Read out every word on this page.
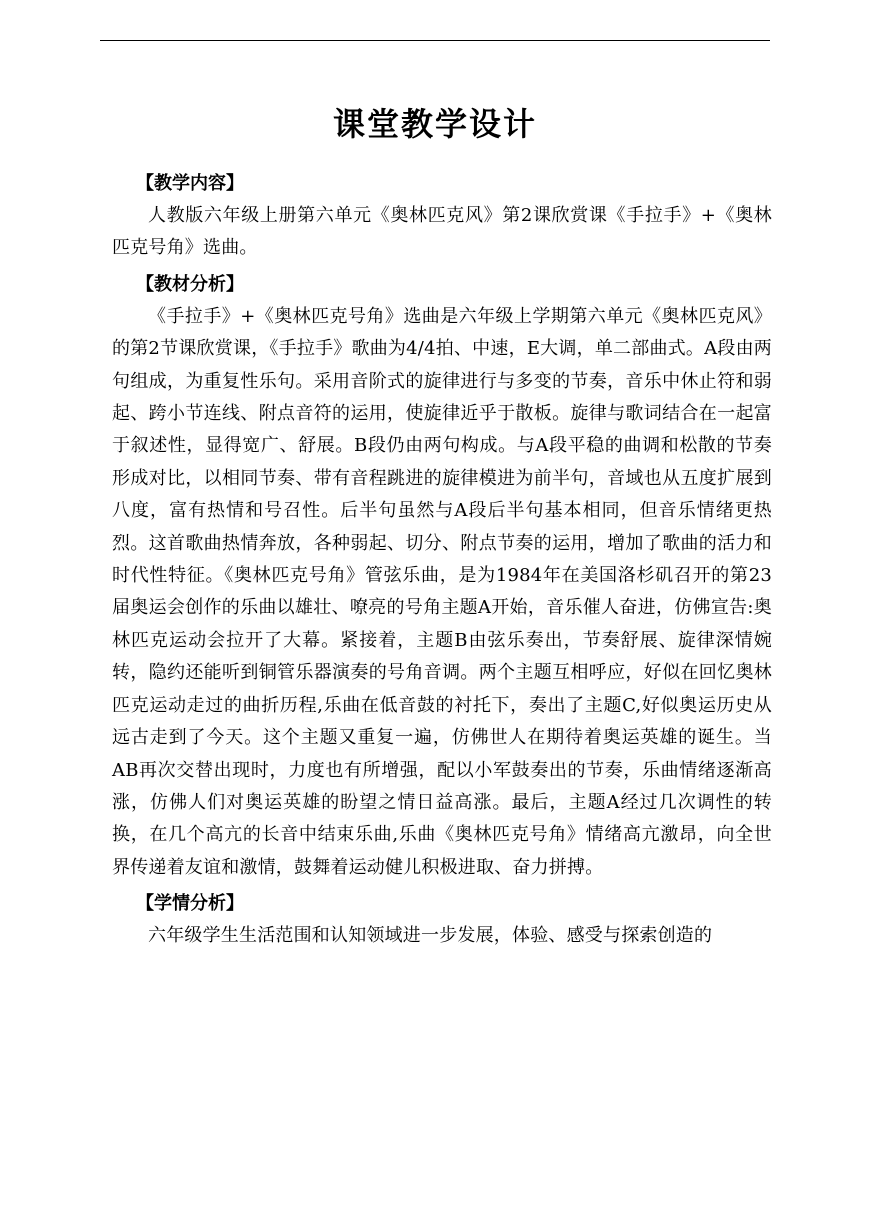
课堂教学设计
【教学内容】

人教版六年级上册第六单元《奥林匹克风》第2课欣赏课《手拉手》+《奥林匹克号角》选曲。

【教材分析】

《手拉手》+《奥林匹克号角》选曲是六年级上学期第六单元《奥林匹克风》的第2节课欣赏课，《手拉手》歌曲为4/4拍、中速，E大调，单二部曲式。A段由两句组成，为重复性乐句。采用音阶式的旋律进行与多变的节奏，音乐中休止符和弱起、跨小节连线、附点音符的运用，使旋律近乎于散板。旋律与歌词结合在一起富于叙述性，显得宽广、舒展。B段仍由两句构成。与A段平稳的曲调和松散的节奏形成对比，以相同节奏、带有音程跳进的旋律模进为前半句，音域也从五度扩展到八度，富有热情和号召性。后半句虽然与A段后半句基本相同，但音乐情绪更热烈。这首歌曲热情奔放，各种弱起、切分、附点节奏的运用，增加了歌曲的活力和时代性特征。《奥林匹克号角》管弦乐曲，是为1984年在美国洛杉矶召开的第23届奥运会创作的乐曲以雄壮、嘹亮的号角主题A开始，音乐催人奋进，仿佛宣告:奥林匹克运动会拉开了大幕。紧接着，主题B由弦乐奏出，节奏舒展、旋律深情婉转，隐约还能听到铜管乐器演奏的号角音调。两个主题互相呼应，好似在回忆奥林匹克运动走过的曲折历程,乐曲在低音鼓的衬托下，奏出了主题C,好似奥运历史从远古走到了今天。这个主题又重复一遍，仿佛世人在期待着奥运英雄的诞生。当AB再次交替出现时，力度也有所增强，配以小军鼓奏出的节奏，乐曲情绪逐渐高涨，仿佛人们对奥运英雄的盼望之情日益高涨。最后，主题A经过几次调性的转换，在几个高亢的长音中结束乐曲,乐曲《奥林匹克号角》情绪高亢激昂，向全世界传递着友谊和激情，鼓舞着运动健儿积极进取、奋力拼搏。

【学情分析】

六年级学生生活范围和认知领域进一步发展，体验、感受与探索创造的
